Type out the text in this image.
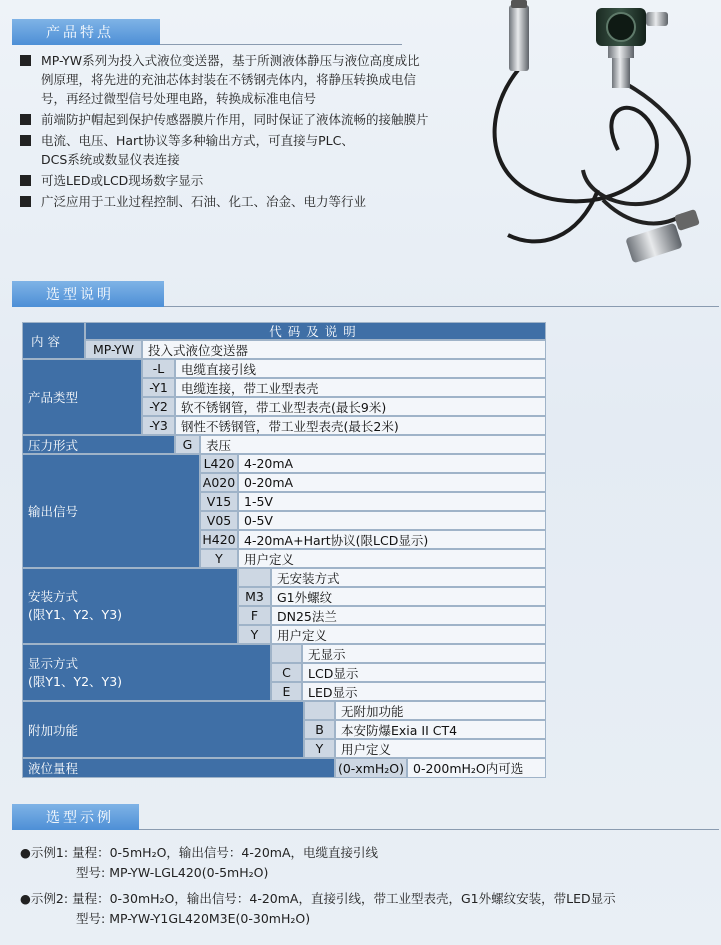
产品特点
MP-YW系列为投入式液位变送器，基于所测液体静压与液位高度成比
例原理，将先进的充油芯体封装在不锈钢壳体内，将静压转换成电信
号，再经过微型信号处理电路，转换成标准电信号
前端防护帽起到保护传感器膜片作用，同时保证了液体流畅的接触膜片
电流、电压、Hart协议等多种输出方式，可直接与PLC、
DCS系统或数显仪表连接
可选LED或LCD现场数字显示
广泛应用于工业过程控制、石油、化工、冶金、电力等行业
选型说明
内 容
代码及说明
MP-YW 投入式液位变送器
产品类型
-L 电缆直接引线
-Y1 电缆连接，带工业型表壳
-Y2 软不锈钢管，带工业型表壳(最长9米)
-Y3 钢性不锈钢管，带工业型表壳(最长2米)
压力形式	G 表压
输出信号
L420 4-20mA
A020 0-20mA
V15 1-5V
V05 0-5V
H420 4-20mA+Hart协议(限LCD显示)
Y 用户定义
安装方式
(限Y1、Y2、Y3)
无安装方式
M3 G1外螺纹
F DN25法兰
Y 用户定义
显示方式
(限Y1、Y2、Y3)
无显示
C LCD显示
E LED显示
附加功能
无附加功能
B 本安防爆Exia II CT4
Y 用户定义
液位量程	(0-xmH₂O) 0-200mH₂O内可选
选型示例
● 示例1:
量程：0-5mH₂O，输出信号：4-20mA，电缆直接引线
型号:
MP-YW-LGL420(0-5mH₂O)
● 示例2:
量程：0-30mH₂O，输出信号：4-20mA，直接引线，带工业型表壳，G1外螺纹安装，带LED显示
型号:
MP-YW-Y1GL420M3E(0-30mH₂O)
